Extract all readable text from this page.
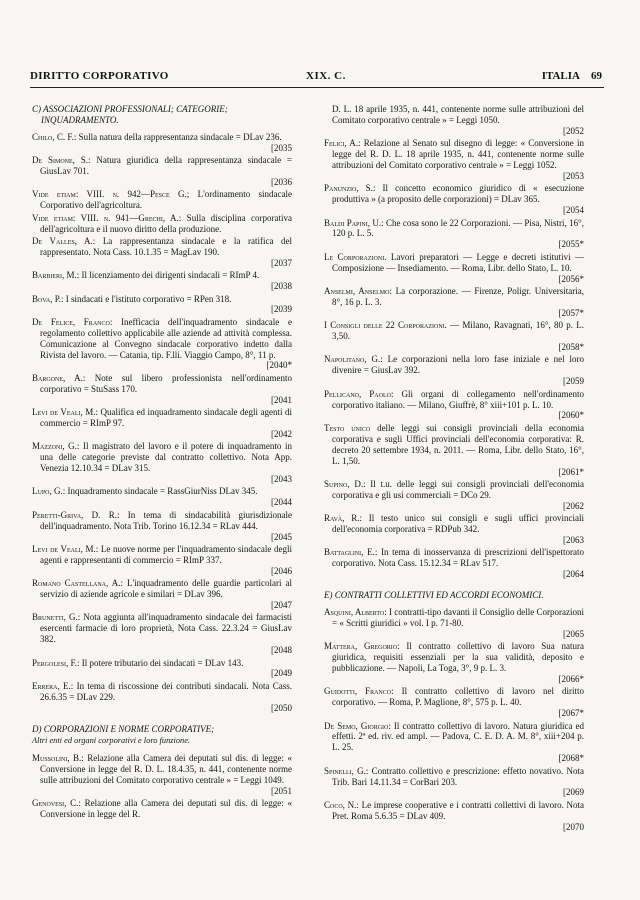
DIRITTO CORPORATIVO	XIX. C.	ITALIA 69
C) ASSOCIAZIONI PROFESSIONALI; CATEGORIE; INQUADRAMENTO.
Chilo, C. F.: Sulla natura della rappresentanza sindacale = DLav 236.
[2035
De Simone, S.: Natura giuridica della rappresentanza sindacale = GiusLav 701.
[2036
Vide etiam: VIII. n. 942—Pesce G.; L'ordinamento sindacale Corporativo dell'agricoltura.
Vide etiam: VIII. n. 941—Grechi, A.: Sulla disciplina corporativa dell'agricoltura e il nuovo diritto della produzione.
De Valles, A.: La rappresentanza sindacale e la ratifica del rappresentato. Nota Cass. 10.1.35 = MagLav 190.
[2037
Barbieri, M.: Il licenziamento dei dirigenti sindacali = RImP 4.
[2038
Bova, P.: I sindacati e l'istituto corporativo = RPen 318.
[2039
De Felice, Franco: Inefficacia dell'inquadramento sindacale e regolamento collettivo applicabile alle aziende ad attività complessa. Comunicazione al Convegno sindacale corporativo indetto dalla Rivista del lavoro. — Catania, tip. F.lli. Viaggio Campo, 8°, 11 p.
[2040*
Bargone, A.: Note sul libero professionista nell'ordinamento corporativo = StuSass 170.
[2041
Levi de Veali, M.: Qualifica ed inquadramento sindacale degli agenti di commercio = RImP 97.
[2042
Mazzoni, G.: Il magistrato del lavoro e il potere di inquadramento in una delle categorie previste dal contratto collettivo. Nota App. Venezia 12.10.34 = DLav 315.
[2043
Lupo, G.: Inquadramento sindacale = RassGiurNiss DLav 345.
[2044
Peretti-Griva, D. R.: In tema di sindacabilità giurisdizionale dell'inquadramento. Nota Trib. Torino 16.12.34 = RLav 444.
[2045
Levi de Veali, M.: Le nuove norme per l'inquadramento sindacale degli agenti e rappresentanti di commercio = RImP 337.
[2046
Romano Castellana, A.: L'inquadramento delle guardie particolari al servizio di aziende agricole e similari = DLav 396.
[2047
Brunetti, G.: Nota aggiunta all'inquadramento sindacale dei farmacisti esercenti farmacie di loro proprietà, Nota Cass. 22.3.24 = GiusLav 382.
[2048
Pergolesi, F.: Il potere tributario dei sindacati = DLav 143.
[2049
Errera, E.: In tema di riscossione dei contributi sindacali. Nota Cass. 26.6.35 = DLav 229.
[2050
D) CORPORAZIONI E NORME CORPORATIVE;
Altri enti ed organi corporativi e loro funzione.
Mussolini, B.: Relazione alla Camera dei deputati sul dis. di legge: « Conversione in legge del R. D. L. 18.4.35, n. 441, contenente norme sulle attribuzioni del Comitato corporativo centrale » = Leggi 1049.
[2051
Genovesi, C.: Relazione alla Camera dei deputati sul dis. di legge: « Conversione in legge del R.
D. L. 18 aprile 1935, n. 441, contenente norme sulle attribuzioni del Comitato corporativo centrale » = Leggi 1050.
[2052
Felici, A.: Relazione al Senato sul disegno di legge: « Conversione in legge del R. D. L. 18 aprile 1935, n. 441, contenente norme sulle attribuzioni del Comitato corporativo centrale » = Leggi 1052.
[2053
Panunzio, S.: Il concetto economico giuridico di « esecuzione produttiva » (a proposito delle corporazioni) = DLav 365.
[2054
Baldi Papini, U.: Che cosa sono le 22 Corporazioni. — Pisa, Nistri, 16°, 120 p. L. 5.
[2055*
Le Corporazioni. Lavori preparatori — Legge e decreti istitutivi — Composizione — Insediamento. — Roma, Libr. dello Stato, L. 10.
[2056*
Anselmi, Anselmo: La corporazione. — Firenze, Poligr. Universitaria, 8°, 16 p. L. 3.
[2057*
I Consigli delle 22 Corporazioni. — Milano, Ravagnati, 16°, 80 p. L. 3,50.
[2058*
Napolitano, G.: Le corporazioni nella loro fase iniziale e nel loro divenire = GiusLav 392.
[2059
Pellicano, Paolo: Gli organi di collegamento nell'ordinamento corporativo italiano. — Milano, Giuffrè, 8° xiii+101 p. L. 10.
[2060*
Testo unico delle leggi sui consigli provinciali della economia corporativa e sugli Uffici provinciali dell'economia corporativa: R. decreto 20 settembre 1934, n. 2011. — Roma, Libr. dello Stato, 16°, L. 1,50.
[2061*
Supino, D.: Il t.u. delle leggi sui consigli provinciali dell'economia corporativa e gli usi commerciali = DCo 29.
[2062
Ravà, R.: Il testo unico sui consigli e sugli uffici provinciali dell'economia corporativa = RDPub 342.
[2063
Battaglini, E.: In tema di inosservanza di prescrizioni dell'ispettorato corporativo. Nota Cass. 15.12.34 = RLav 517.
[2064
E) CONTRATTI COLLETTIVI ED ACCORDI ECONOMICI.
Asquini, Alberto: I contratti-tipo davanti il Consiglio delle Corporazioni = « Scritti giuridici » vol. I p. 71-80.
[2065
Mattera, Gregorio: Il contratto collettivo di lavoro Sua natura giuridica, requisiti essenziali per la sua validità, deposito e pubblicazione. — Napoli, La Toga, 3°, 9 p. L. 3.
[2066*
Guidotti, Franco: Il contratto collettivo di lavoro nel diritto corporativo. — Roma, P. Maglione, 8°, 575 p. L. 40.
[2067*
De Semo, Giorgio: Il contratto collettivo di lavoro. Natura giuridica ed effetti. 2ª ed. riv. ed ampl. — Padova, C. E. D. A. M. 8°, xiii+204 p. L. 25.
[2068*
Spinelli, G.: Contratto collettivo e prescrizione: effetto novativo. Nota Trib. Bari 14.11.34 = CorBari 203.
[2069
Coco, N.: Le imprese cooperative e i contratti collettivi di lavoro. Nota Pret. Roma 5.6.35 = DLav 409.
[2070
